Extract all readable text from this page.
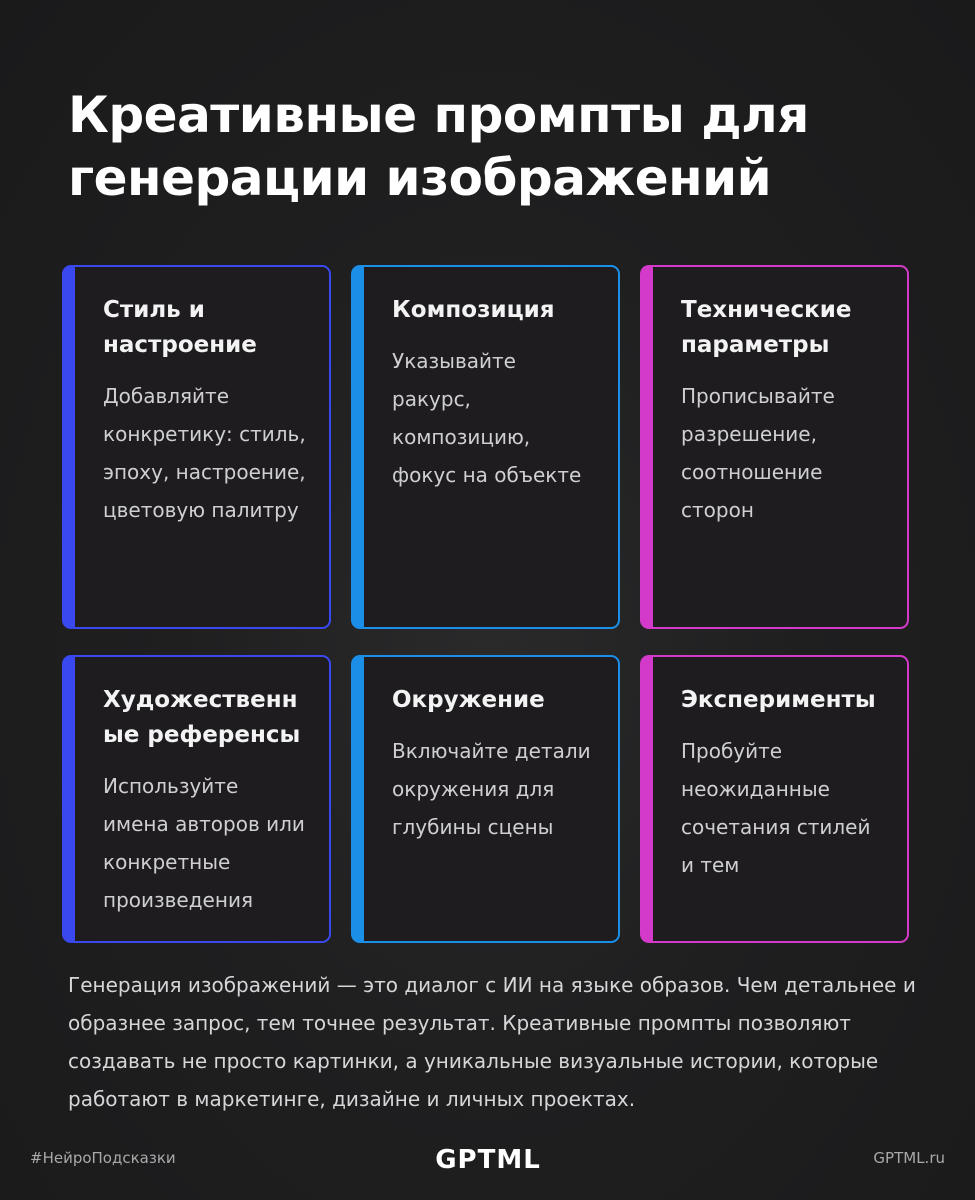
Креативные промпты для
генерации изображений
Стиль и настроение
Добавляйте конкретику: стиль, эпоху, настроение, цветовую палитру
Композиция
Указывайте ракурс, композицию, фокус на объекте
Технические параметры
Прописывайте разрешение, соотношение сторон
Художественные референсы
Используйте имена авторов или конкретные произведения
Окружение
Включайте детали окружения для глубины сцены
Эксперименты
Пробуйте неожиданные сочетания стилей и тем

Генерация изображений — это диалог с ИИ на языке образов. Чем детальнее и образнее запрос, тем точнее результат. Креативные промпты позволяют создавать не просто картинки, а уникальные визуальные истории, которые работают в маркетинге, дизайне и личных проектах.

#НейроПодсказки	GPTML	GPTML.ru
